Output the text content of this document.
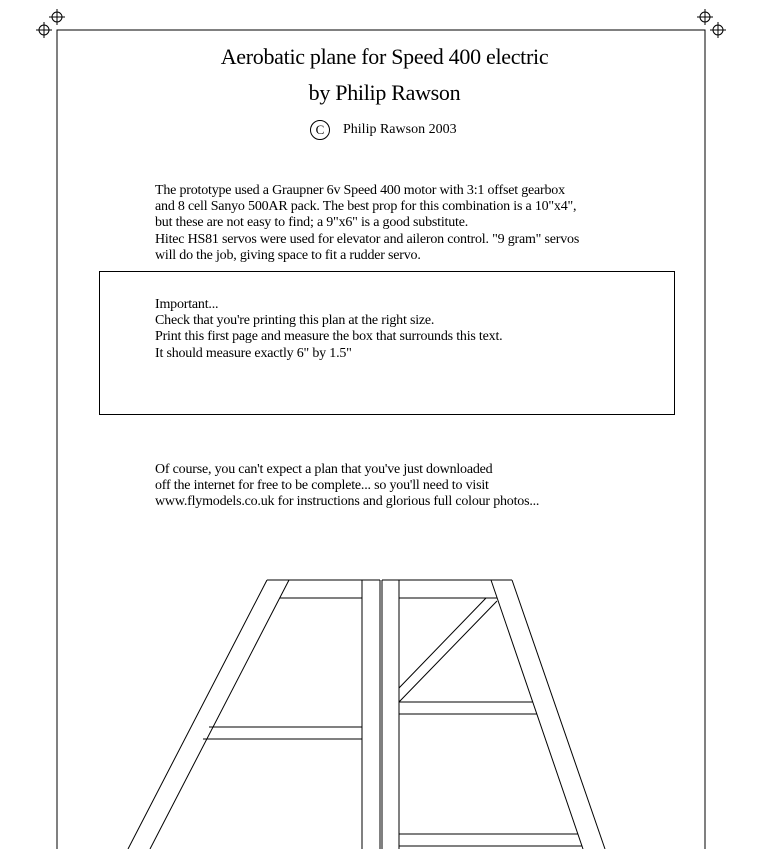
Aerobatic plane for Speed 400 electric
by Philip Rawson
C	Philip Rawson 2003
The prototype used a Graupner 6v Speed 400 motor with 3:1 offset gearbox
and 8 cell Sanyo 500AR pack. The best prop for this combination is a 10"x4",
but these are not easy to find; a 9"x6" is a good substitute.
Hitec HS81 servos were used for elevator and aileron control. "9 gram" servos
will do the job, giving space to fit a rudder servo.
Important...
Check that you're printing this plan at the right size.
Print this first page and measure the box that surrounds this text.
It should measure exactly 6" by 1.5"
Of course, you can't expect a plan that you've just downloaded
off the internet for free to be complete... so you'll need to visit
www.flymodels.co.uk for instructions and glorious full colour photos...
